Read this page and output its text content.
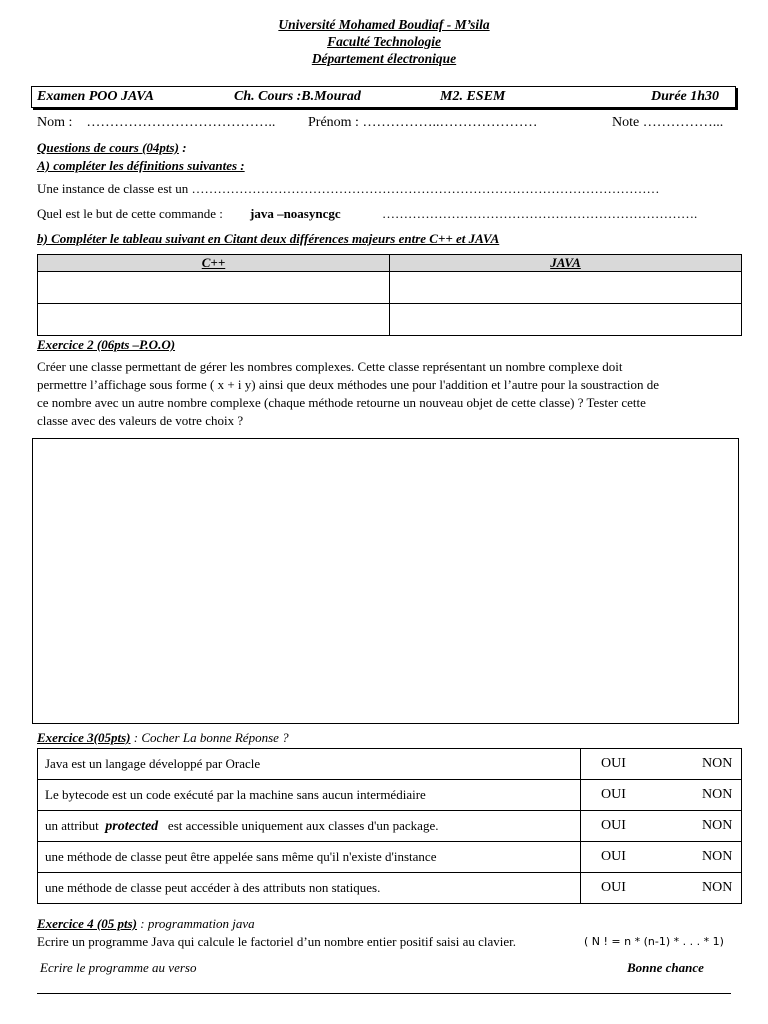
Université Mohamed Boudiaf - M’sila
Faculté Technologie
Département électronique
Examen POO JAVA	Ch. Cours :B.Mourad	M2. ESEM	Durée 1h30
Nom :    ………………………………….. Prénom : ……………..…………………	Note ……………...
Questions de cours (04pts) :
A) compléter les définitions suivantes :
Une instance de classe est un ………………………………………………………………………………………………
Quel est le but de cette commande : java –noasyncgc	……………………………………………………………….
b) Compléter le tableau suivant en Citant deux différences majeurs entre C++ et JAVA
C++	JAVA

Exercice 2 (06pts –P.O.O)
Créer une classe permettant de gérer les nombres complexes. Cette classe représentant un nombre complexe doit
permettre l’affichage sous forme ( x + i y) ainsi que deux méthodes une pour l'addition et l’autre pour la soustraction de
ce nombre avec un autre nombre complexe (chaque méthode retourne un nouveau objet de cette classe) ? Tester cette
classe avec des valeurs de votre choix ?
Exercice 3(05pts) : Cocher La bonne Réponse ?
Java est un langage développé par Oracle	OUI NON

Le bytecode est un code exécuté par la machine sans aucun intermédiaire	OUI NON

un attribut  protected   est accessible uniquement aux classes d'un package.	OUI NON

une méthode de classe peut être appelée sans même qu'il n'existe d'instance	OUI NON

une méthode de classe peut accéder à des attributs non statiques.	OUI NON
Exercice 4 (05 pts) : programmation java
Ecrire un programme Java qui calcule le factoriel d’un nombre entier positif saisi au clavier.	( N ! = n * (n-1) * . . . * 1)
Ecrire le programme au verso	Bonne chance
